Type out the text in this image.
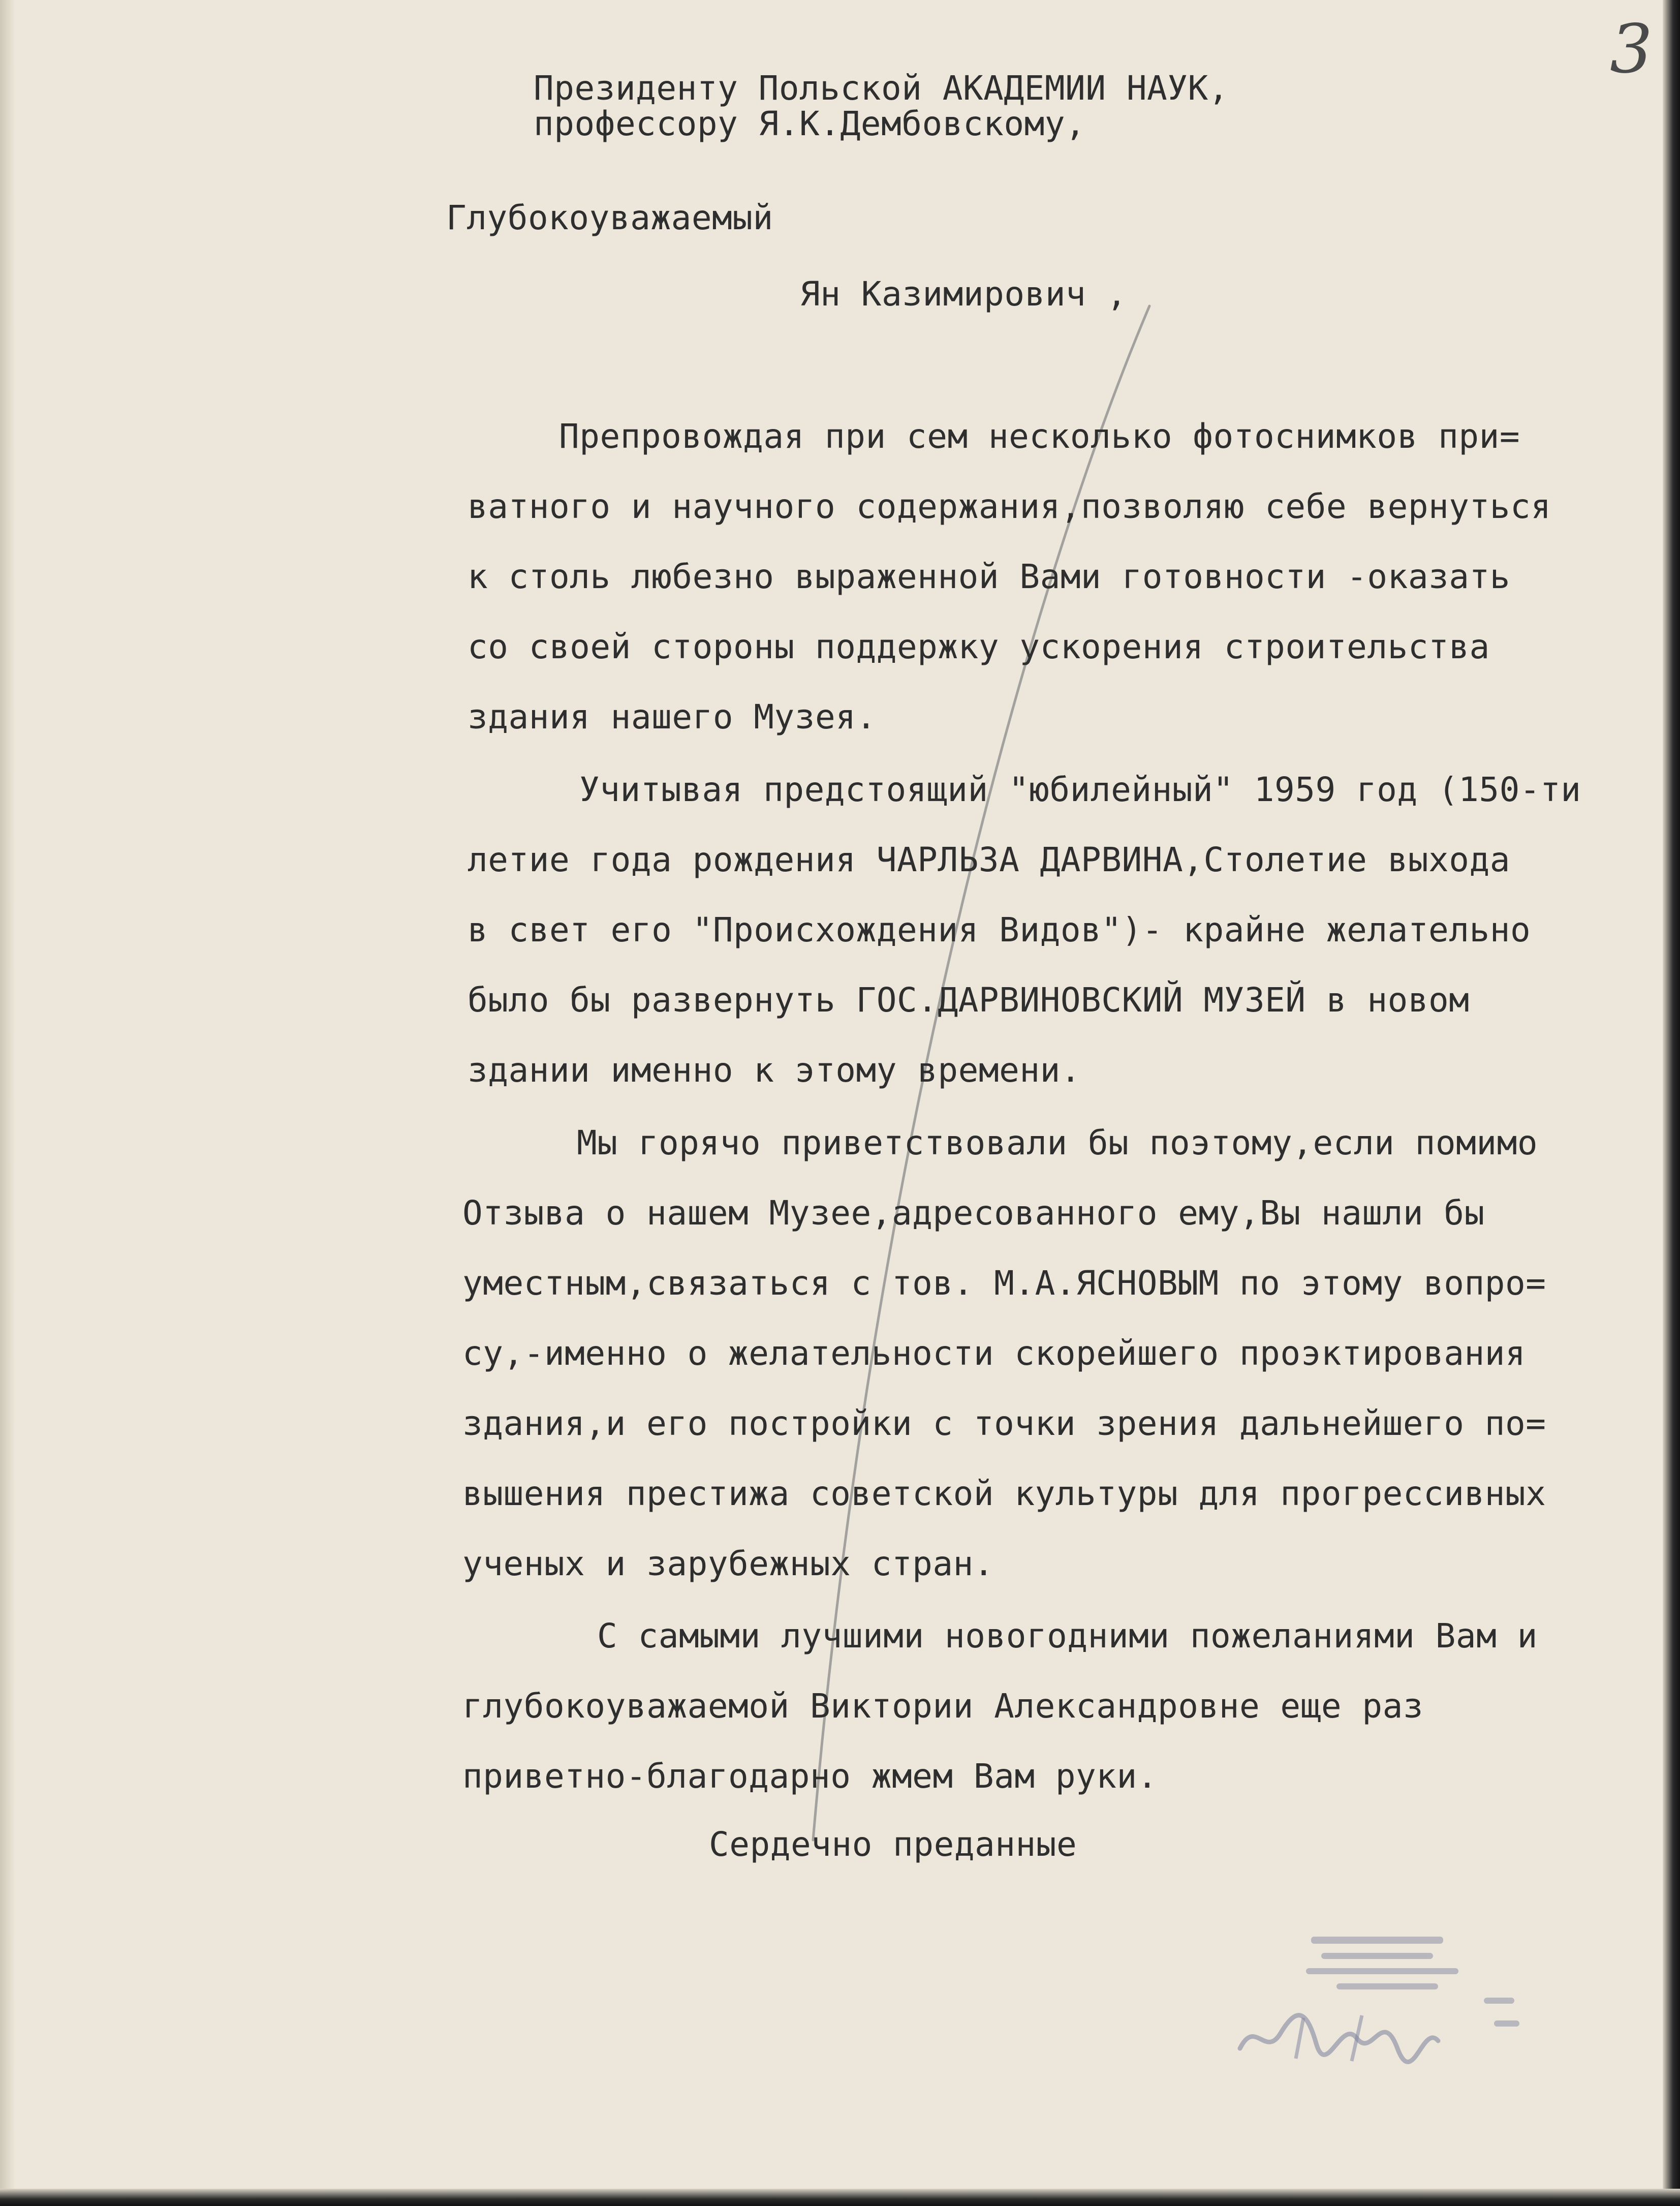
3

Президенту Польской АКАДЕМИИ НАУК,

профессору Я.К.Дембовскому,

Глубокоуважаемый

Ян Казимирович ,

Препровождая при сем несколько фотоснимков при=

ватного и научного содержания,позволяю себе вернуться

к столь любезно выраженной Вами готовности -оказать

со своей стороны поддержку ускорения строительства

здания нашего Музея.

Учитывая предстоящий "юбилейный" 1959 год (150-ти

летие года рождения ЧАРЛЬЗА ДАРВИНА,Столетие выхода

в свет его "Происхождения Видов")- крайне желательно

было бы развернуть ГОС.ДАРВИНОВСКИЙ МУЗЕЙ в новом

здании именно к этому времени.

Мы горячо приветствовали бы поэтому,если помимо

Отзыва о нашем Музее,адресованного ему,Вы нашли бы

уместным,связаться с тов. М.А.ЯСНОВЫМ по этому вопро=

су,-именно о желательности скорейшего проэктирования

здания,и его постройки с точки зрения дальнейшего по=

вышения престижа советской культуры для прогрессивных

ученых и зарубежных стран.

С самыми лучшими новогодними пожеланиями Вам и

глубокоуважаемой Виктории Александровне еще раз

приветно-благодарно жмем Вам руки.

Сердечно преданные
